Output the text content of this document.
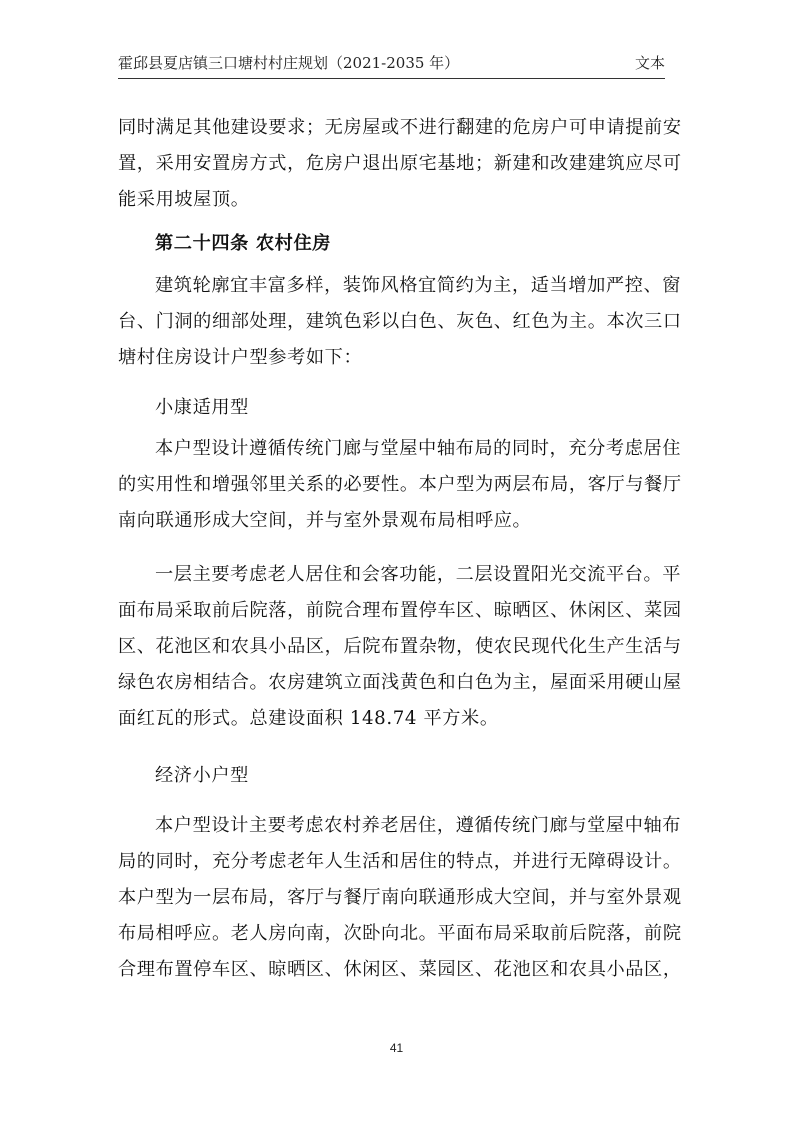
霍邱县夏店镇三口塘村村庄规划（2021-2035 年）	文本
同时满足其他建设要求；无房屋或不进行翻建的危房户可申请提前安
置，采用安置房方式，危房户退出原宅基地；新建和改建建筑应尽可
能采用坡屋顶。
第二十四条 农村住房
建筑轮廓宜丰富多样，装饰风格宜简约为主，适当增加严控、窗
台、门洞的细部处理，建筑色彩以白色、灰色、红色为主。本次三口
塘村住房设计户型参考如下：
小康适用型
本户型设计遵循传统门廊与堂屋中轴布局的同时，充分考虑居住
的实用性和增强邻里关系的必要性。本户型为两层布局，客厅与餐厅
南向联通形成大空间，并与室外景观布局相呼应。
一层主要考虑老人居住和会客功能，二层设置阳光交流平台。平
面布局采取前后院落，前院合理布置停车区、晾晒区、休闲区、菜园
区、花池区和农具小品区，后院布置杂物，使农民现代化生产生活与
绿色农房相结合。农房建筑立面浅黄色和白色为主，屋面采用硬山屋
面红瓦的形式。总建设面积 148.74 平方米。
经济小户型
本户型设计主要考虑农村养老居住，遵循传统门廊与堂屋中轴布
局的同时，充分考虑老年人生活和居住的特点，并进行无障碍设计。
本户型为一层布局，客厅与餐厅南向联通形成大空间，并与室外景观
布局相呼应。老人房向南，次卧向北。平面布局采取前后院落，前院
合理布置停车区、晾晒区、休闲区、菜园区、花池区和农具小品区，
41
